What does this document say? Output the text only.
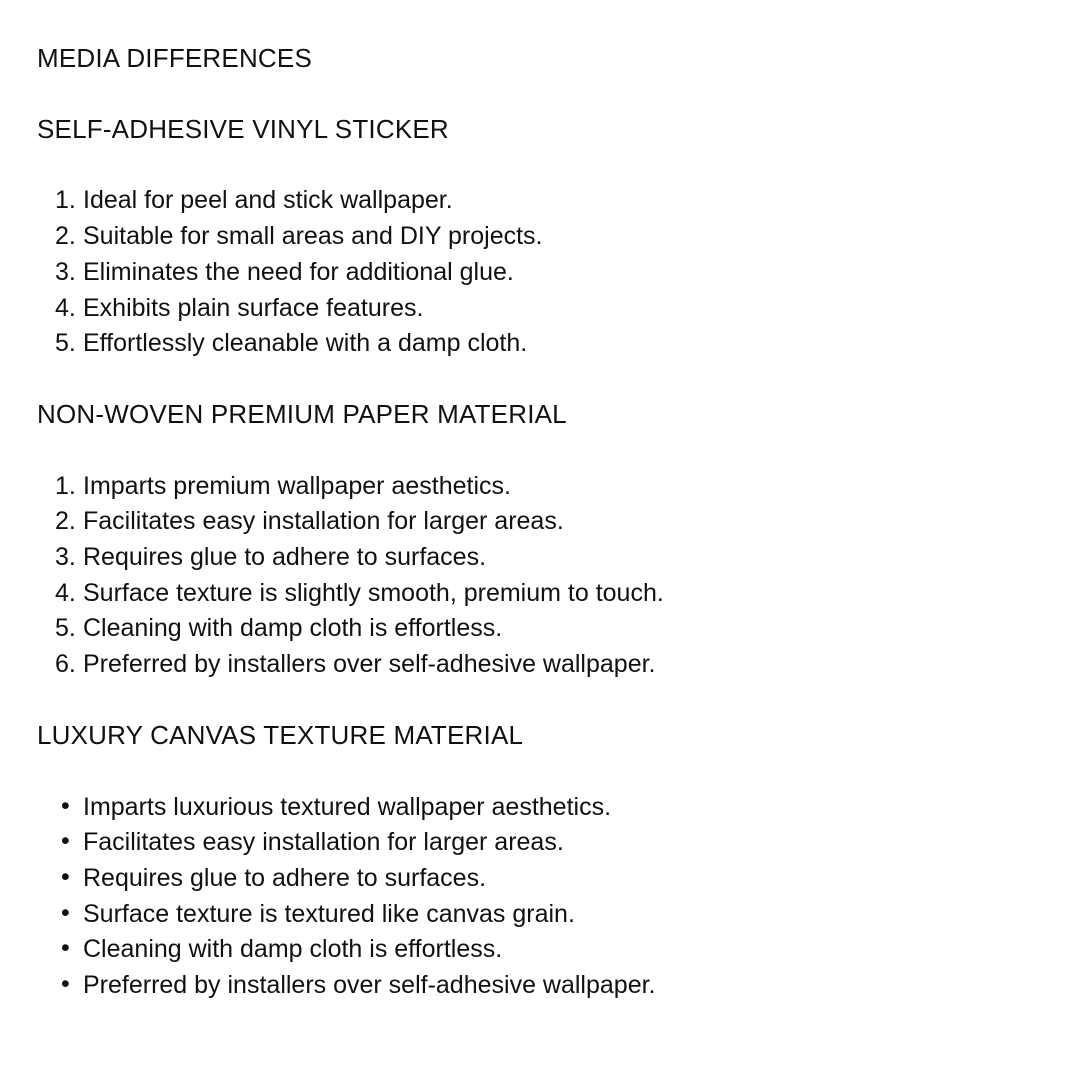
MEDIA DIFFERENCES

SELF-ADHESIVE VINYL STICKER

Ideal for peel and stick wallpaper.
Suitable for small areas and DIY projects.
Eliminates the need for additional glue.
Exhibits plain surface features.
Effortlessly cleanable with a damp cloth.

NON-WOVEN PREMIUM PAPER MATERIAL

Imparts premium wallpaper aesthetics.
Facilitates easy installation for larger areas.
Requires glue to adhere to surfaces.
Surface texture is slightly smooth, premium to touch.
Cleaning with damp cloth is effortless.
Preferred by installers over self-adhesive wallpaper.

LUXURY CANVAS TEXTURE MATERIAL

• Imparts luxurious textured wallpaper aesthetics.
• Facilitates easy installation for larger areas.
• Requires glue to adhere to surfaces.
• Surface texture is textured like canvas grain.
• Cleaning with damp cloth is effortless.
• Preferred by installers over self-adhesive wallpaper.
